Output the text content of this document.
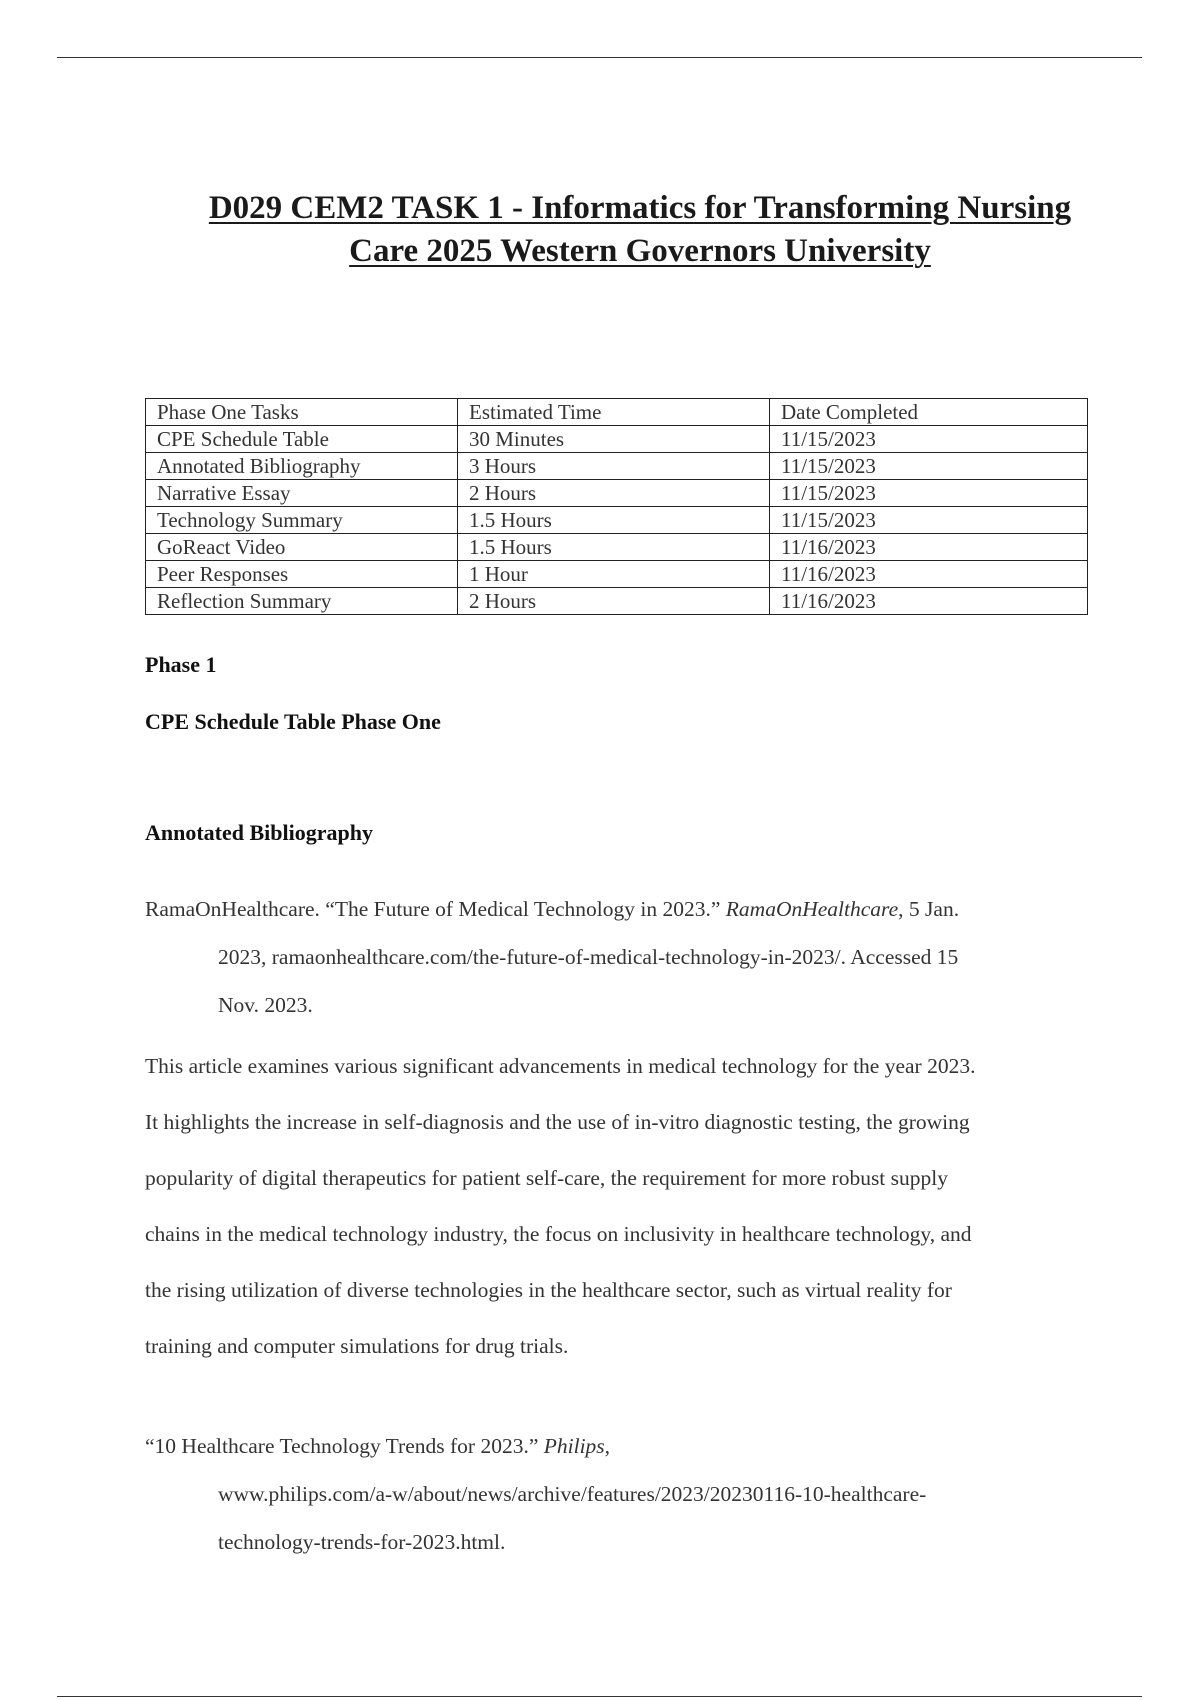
D029 CEM2 TASK 1 - Informatics for Transforming Nursing
Care 2025 Western Governors University
Phase One Tasks	Estimated Time	Date Completed
CPE Schedule Table	30 Minutes	11/15/2023
Annotated Bibliography	3 Hours	11/15/2023
Narrative Essay	2 Hours	11/15/2023
Technology Summary	1.5 Hours	11/15/2023
GoReact Video	1.5 Hours	11/16/2023
Peer Responses	1 Hour	11/16/2023
Reflection Summary	2 Hours	11/16/2023
Phase 1
CPE Schedule Table Phase One
Annotated Bibliography
RamaOnHealthcare. “The Future of Medical Technology in 2023.” RamaOnHealthcare, 5 Jan.
2023, ramaonhealthcare.com/the-future-of-medical-technology-in-2023/. Accessed 15
Nov. 2023.
This article examines various significant advancements in medical technology for the year 2023.
It highlights the increase in self-diagnosis and the use of in-vitro diagnostic testing, the growing
popularity of digital therapeutics for patient self-care, the requirement for more robust supply
chains in the medical technology industry, the focus on inclusivity in healthcare technology, and
the rising utilization of diverse technologies in the healthcare sector, such as virtual reality for
training and computer simulations for drug trials.
“10 Healthcare Technology Trends for 2023.” Philips,
www.philips.com/a-w/about/news/archive/features/2023/20230116-10-healthcare-
technology-trends-for-2023.html.
